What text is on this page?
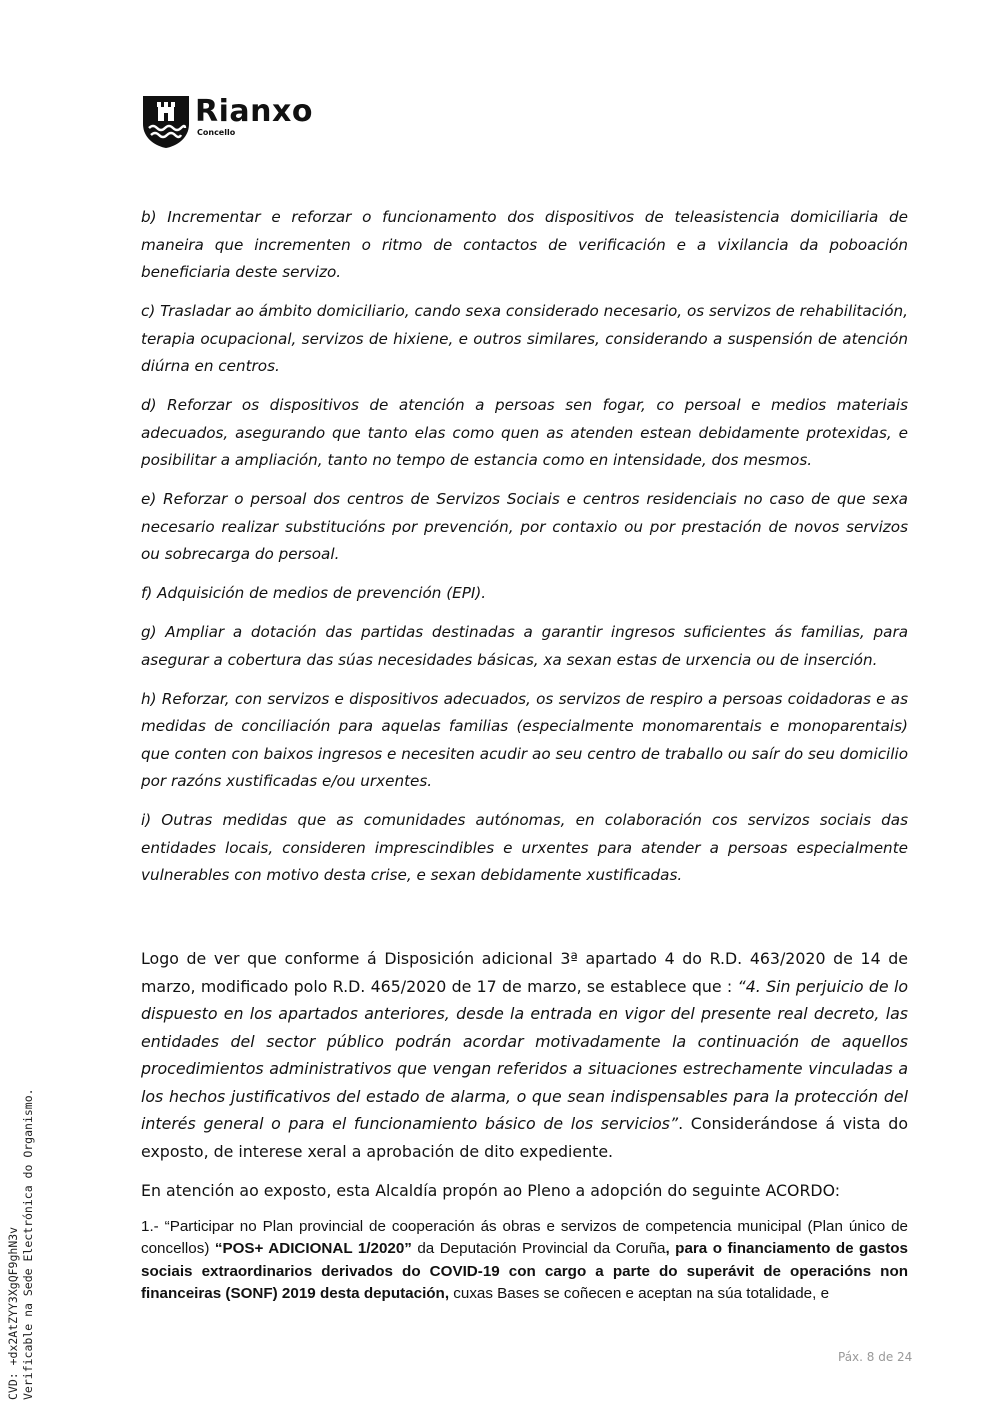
Rianxo
Concello

b) Incrementar e reforzar o funcionamento dos dispositivos de teleasistencia domiciliaria de maneira que incrementen o ritmo de contactos de verificación e a vixilancia da poboación beneficiaria deste servizo.

c) Trasladar ao ámbito domiciliario, cando sexa considerado necesario, os servizos de rehabilitación, terapia ocupacional, servizos de hixiene, e outros similares, considerando a suspensión de atención diúrna en centros.

d) Reforzar os dispositivos de atención a persoas sen fogar, co persoal e medios materiais adecuados, asegurando que tanto elas como quen as atenden estean debidamente protexidas, e posibilitar a ampliación, tanto no tempo de estancia como en intensidade, dos mesmos.

e) Reforzar o persoal dos centros de Servizos Sociais e centros residenciais no caso de que sexa necesario realizar substitucións por prevención, por contaxio ou por prestación de novos servizos ou sobrecarga do persoal.

f) Adquisición de medios de prevención (EPI).

g) Ampliar a dotación das partidas destinadas a garantir ingresos suficientes ás familias, para asegurar a cobertura das súas necesidades básicas, xa sexan estas de urxencia ou de inserción.

h) Reforzar, con servizos e dispositivos adecuados, os servizos de respiro a persoas coidadoras e as medidas de conciliación para aquelas familias (especialmente monomarentais e monoparentais) que conten con baixos ingresos e necesiten acudir ao seu centro de traballo ou saír do seu domicilio por razóns xustificadas e/ou urxentes.

i) Outras medidas que as comunidades autónomas, en colaboración cos servizos sociais das entidades locais, consideren imprescindibles e urxentes para atender a persoas especialmente vulnerables con motivo desta crise, e sexan debidamente xustificadas.

Logo de ver que conforme á Disposición adicional 3ª apartado 4 do R.D. 463/2020 de 14 de marzo, modificado polo R.D. 465/2020 de 17 de marzo, se establece que : “4. Sin perjuicio de lo dispuesto en los apartados anteriores, desde la entrada en vigor del presente real decreto, las entidades del sector público podrán acordar motivadamente la continuación de aquellos procedimientos administrativos que vengan referidos a situaciones estrechamente vinculadas a los hechos justificativos del estado de alarma, o que sean indispensables para la protección del interés general o para el funcionamiento básico de los servicios”. Considerándose á vista do exposto, de interese xeral a aprobación de dito expediente.

En atención ao exposto, esta Alcaldía propón ao Pleno a adopción do seguinte ACORDO:

1.- “Participar no Plan provincial de cooperación ás obras e servizos de competencia municipal (Plan único de concellos) “POS+ ADICIONAL 1/2020” da Deputación Provincial da Coruña, para o financiamento de gastos sociais extraordinarios derivados do COVID-19 con cargo a parte do superávit de operacións non financeiras (SONF) 2019 desta deputación, cuxas Bases se coñecen e aceptan na súa totalidade, e

CVD: +dx2AtZYY3XgQF9ghN3v Verificable na Sede Electrónica do Organismo.	Páx. 8 de 24
